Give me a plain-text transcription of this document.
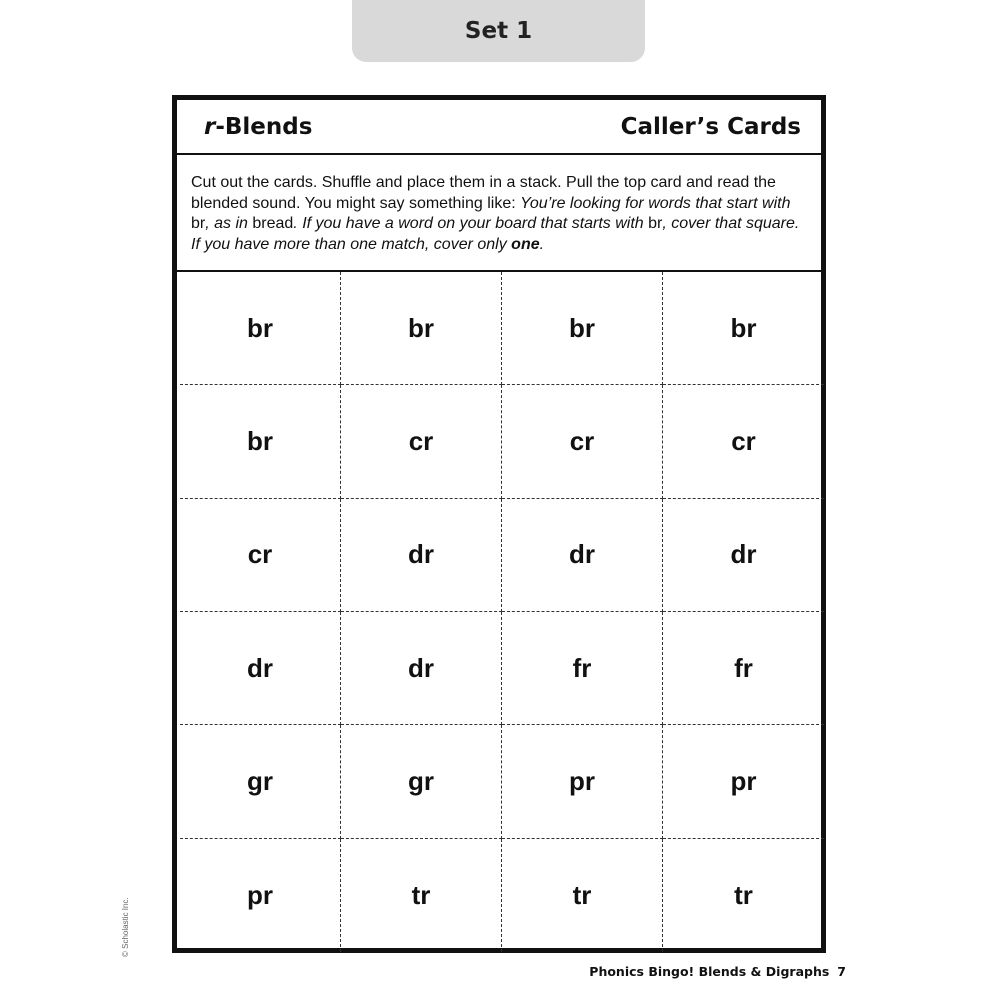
Set 1
r-Blends	Caller’s Cards
Cut out the cards. Shuffle and place them in a stack. Pull the top card and read the blended sound. You might say something like: You’re looking for words that start with br, as in bread. If you have a word on your board that starts with br, cover that square. If you have more than one match, cover only one.
br	br	br	br
br	cr	cr	cr
cr	dr	dr	dr
dr	dr	fr	fr
gr	gr	pr	pr
pr	tr	tr	tr
© Scholastic Inc.
Phonics Bingo! Blends & Digraphs 7
